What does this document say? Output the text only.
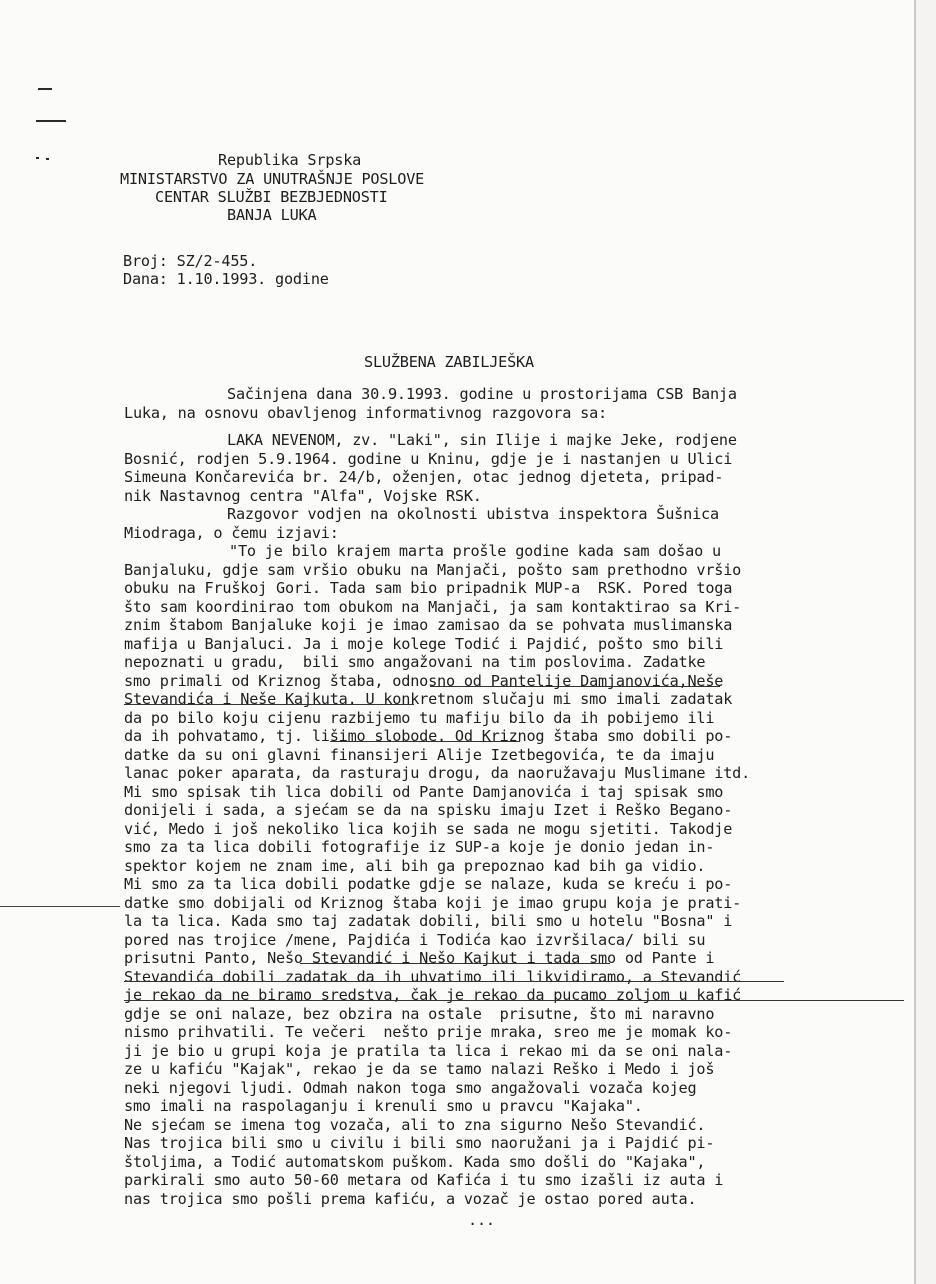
Republika Srpska
MINISTARSTVO ZA UNUTRAŠNJE POSLOVE
CENTAR SLUŽBI BEZBJEDNOSTI
BANJA LUKA
Broj: SZ/2-455.
Dana: 1.10.1993. godine
SLUŽBENA ZABILJEŠKA
Sačinjena dana 30.9.1993. godine u prostorijama CSB Banja
Luka, na osnovu obavljenog informativnog razgovora sa:
LAKA NEVENOM, zv. "Laki", sin Ilije i majke Jeke, rodjene
Bosnić, rodjen 5.9.1964. godine u Kninu, gdje je i nastanjen u Ulici
Simeuna Končarevića br. 24/b, oženjen, otac jednog djeteta, pripad-
nik Nastavnog centra "Alfa", Vojske RSK.
Razgovor vodjen na okolnosti ubistva inspektora Šušnica
Miodraga, o čemu izjavi:
"To je bilo krajem marta prošle godine kada sam došao u
Banjaluku, gdje sam vršio obuku na Manjači, pošto sam prethodno vršio
obuku na Fruškoj Gori. Tada sam bio pripadnik MUP-a  RSK. Pored toga
što sam koordinirao tom obukom na Manjači, ja sam kontaktirao sa Kri-
znim štabom Banjaluke koji je imao zamisao da se pohvata muslimanska
mafija u Banjaluci. Ja i moje kolege Todić i Pajdić, pošto smo bili
nepoznati u gradu,  bili smo angažovani na tim poslovima. Zadatke
smo primali od Kriznog štaba, odnosno od Pantelije Damjanovića,Neše
Stevandića i Neše Kajkuta. U konkretnom slučaju mi smo imali zadatak
da po bilo koju cijenu razbijemo tu mafiju bilo da ih pobijemo ili
da ih pohvatamo, tj. lišimo slobode. Od Kriznog štaba smo dobili po-
datke da su oni glavni finansijeri Alije Izetbegovića, te da imaju
lanac poker aparata, da rasturaju drogu, da naoružavaju Muslimane itd.
Mi smo spisak tih lica dobili od Pante Damjanovića i taj spisak smo
donijeli i sada, a sjećam se da na spisku imaju Izet i Reško Begano-
vić, Medo i još nekoliko lica kojih se sada ne mogu sjetiti. Takodje
smo za ta lica dobili fotografije iz SUP-a koje je donio jedan in-
spektor kojem ne znam ime, ali bih ga prepoznao kad bih ga vidio.
Mi smo za ta lica dobili podatke gdje se nalaze, kuda se kreću i po-
datke smo dobijali od Kriznog štaba koji je imao grupu koja je prati-
la ta lica. Kada smo taj zadatak dobili, bili smo u hotelu "Bosna" i
pored nas trojice /mene, Pajdića i Todića kao izvršilaca/ bili su
prisutni Panto, Nešo Stevandić i Nešo Kajkut i tada smo od Pante i
Stevandića dobili zadatak da ih uhvatimo ili likvidiramo, a Stevandić
je rekao da ne biramo sredstva, čak je rekao da pucamo zoljom u kafić
gdje se oni nalaze, bez obzira na ostale  prisutne, što mi naravno
nismo prihvatili. Te večeri  nešto prije mraka, sreo me je momak ko-
ji je bio u grupi koja je pratila ta lica i rekao mi da se oni nala-
ze u kafiću "Kajak", rekao je da se tamo nalazi Reško i Medo i još
neki njegovi ljudi. Odmah nakon toga smo angažovali vozača kojeg
smo imali na raspolaganju i krenuli smo u pravcu "Kajaka".
Ne sjećam se imena tog vozača, ali to zna sigurno Nešo Stevandić.
Nas trojica bili smo u civilu i bili smo naoružani ja i Pajdić pi-
štoljima, a Todić automatskom puškom. Kada smo došli do "Kajaka",
parkirali smo auto 50-60 metara od Kafića i tu smo izašli iz auta i
nas trojica smo pošli prema kafiću, a vozač je ostao pored auta.
...
